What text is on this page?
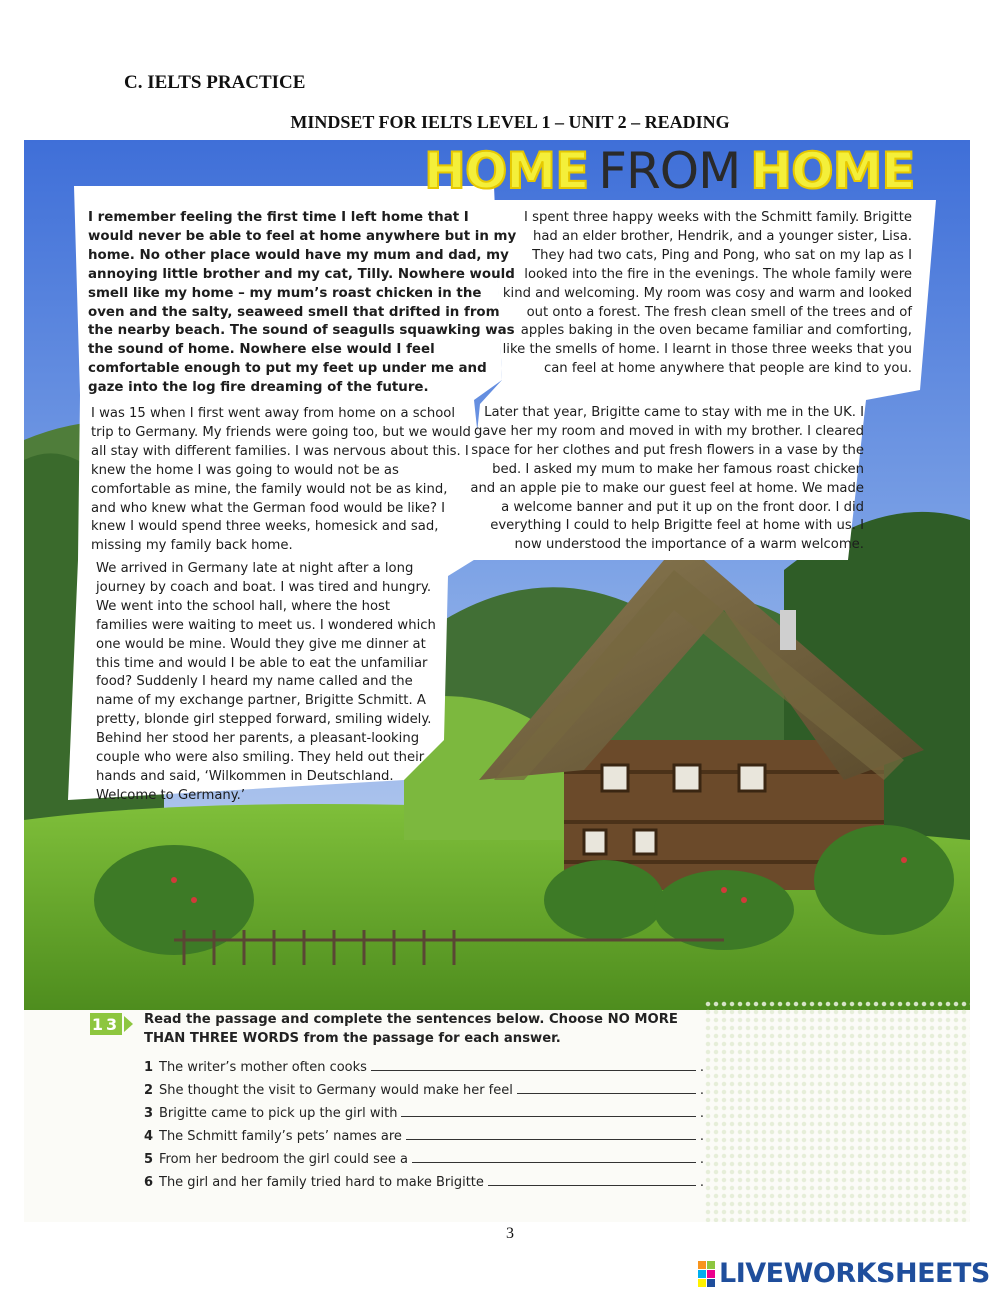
C. IELTS PRACTICE
MINDSET FOR IELTS LEVEL 1 – UNIT 2 – READING
HOME FROM HOME

I remember feeling the first time I left home that I would never be able to feel at home anywhere but in my home. No other place would have my mum and dad, my annoying little brother and my cat, Tilly. Nowhere would smell like my home – my mum’s roast chicken in the oven and the salty, seaweed smell that drifted in from the nearby beach. The sound of seagulls squawking was the sound of home. Nowhere else would I feel comfortable enough to put my feet up under me and gaze into the log fire dreaming of the future.

I was 15 when I first went away from home on a school trip to Germany. My friends were going too, but we would all stay with different families. I was nervous about this. I knew the home I was going to would not be as comfortable as mine, the family would not be as kind, and who knew what the German food would be like? I knew I would spend three weeks, homesick and sad, missing my family back home.

We arrived in Germany late at night after a long journey by coach and boat. I was tired and hungry. We went into the school hall, where the host families were waiting to meet us. I wondered which one would be mine. Would they give me dinner at this time and would I be able to eat the unfamiliar food? Suddenly I heard my name called and the name of my exchange partner, Brigitte Schmitt. A pretty, blonde girl stepped forward, smiling widely. Behind her stood her parents, a pleasant-looking couple who were also smiling. They held out their hands and said, ‘Wilkommen in Deutschland. Welcome to Germany.’

I spent three happy weeks with the Schmitt family. Brigitte had an elder brother, Hendrik, and a younger sister, Lisa. They had two cats, Ping and Pong, who sat on my lap as I looked into the fire in the evenings. The whole family were kind and welcoming. My room was cosy and warm and looked out onto a forest. The fresh clean smell of the trees and of apples baking in the oven became familiar and comforting, like the smells of home. I learnt in those three weeks that you can feel at home anywhere that people are kind to you.

Later that year, Brigitte came to stay with me in the UK. I gave her my room and moved in with my brother. I cleared space for her clothes and put fresh flowers in a vase by the bed. I asked my mum to make her famous roast chicken and an apple pie to make our guest feel at home. We made a welcome banner and put it up on the front door. I did everything I could to help Brigitte feel at home with us. I now understood the importance of a warm welcome.

13 Read the passage and complete the sentences below. Choose NO MORE THAN THREE WORDS from the passage for each answer.
1 The writer’s mother often cooks	.
2 She thought the visit to Germany would make her feel	.
3 Brigitte came to pick up the girl with	.
4 The Schmitt family’s pets’ names are	.
5 From her bedroom the girl could see a	.
6 The girl and her family tried hard to make Brigitte	.
3
LIVEWORKSHEETS
